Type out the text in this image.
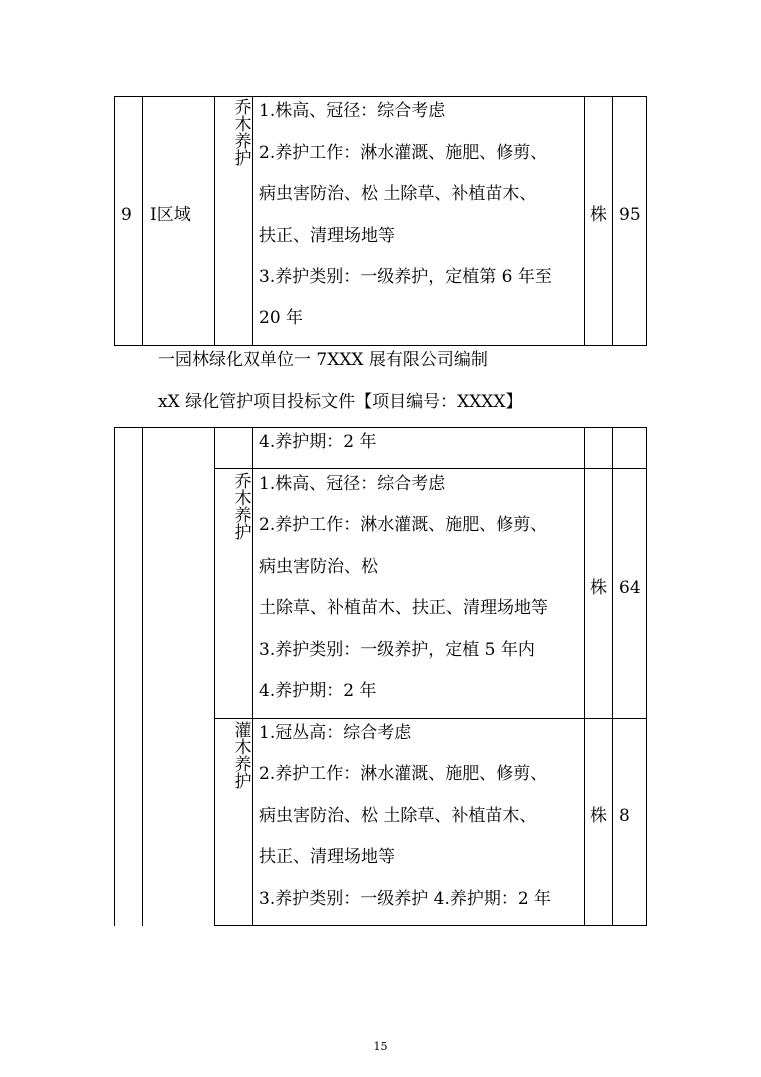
9 I区域
乔木养护
1.株高、冠径：综合考虑
2.养护工作：淋水灌溉、施肥、修剪、
病虫害防治、松 土除草、补植苗木、
扶正、清理场地等
3.养护类别：一级养护，定植第 6 年至
20 年
株 95
一园林绿化双单位一 7XXX 展有限公司编制
xX 绿化管护项目投标文件【项目编号：XXXX】
4.养护期：2 年
乔木养护
1.株高、冠径：综合考虑
2.养护工作：淋水灌溉、施肥、修剪、
病虫害防治、松
土除草、补植苗木、扶正、清理场地等
3.养护类别：一级养护，定植 5 年内
4.养护期：2 年
株 64
灌木养护
1.冠丛高：综合考虑
2.养护工作：淋水灌溉、施肥、修剪、
病虫害防治、松 土除草、补植苗木、
扶正、清理场地等
3.养护类别：一级养护 4.养护期：2 年
株 8
15
